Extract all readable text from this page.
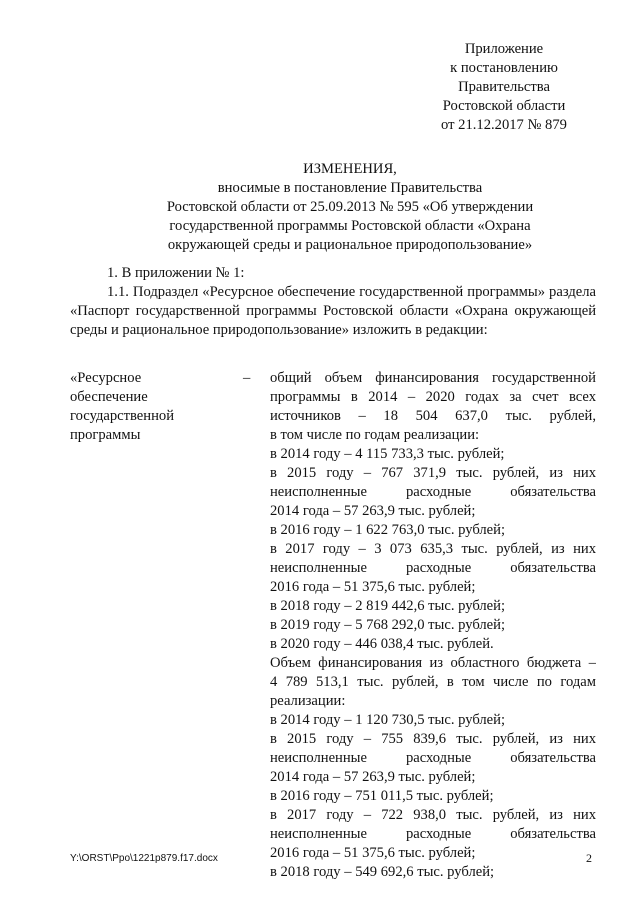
Приложение
к постановлению
Правительства
Ростовской области
от 21.12.2017 № 879
ИЗМЕНЕНИЯ,
вносимые в постановление Правительства
Ростовской области от 25.09.2013 № 595 «Об утверждении
государственной программы Ростовской области «Охрана
окружающей среды и рациональное природопользование»
1. В приложении № 1:
1.1. Подраздел «Ресурсное обеспечение государственной программы» раздела «Паспорт государственной программы Ростовской области «Охрана окружающей среды и рациональное природопользование» изложить в редакции:
«Ресурсное
обеспечение
государственной
программы
– общий объем финансирования государственной
программы в 2014 – 2020 годах за счет всех
источников – 18 504 637,0 тыс. рублей,
в том числе по годам реализации:
в 2014 году – 4 115 733,3 тыс. рублей;
в 2015 году – 767 371,9 тыс. рублей, из них
неисполненные расходные обязательства
2014 года – 57 263,9 тыс. рублей;
в 2016 году – 1 622 763,0 тыс. рублей;
в 2017 году – 3 073 635,3 тыс. рублей, из них
неисполненные расходные обязательства
2016 года – 51 375,6 тыс. рублей;
в 2018 году – 2 819 442,6 тыс. рублей;
в 2019 году – 5 768 292,0 тыс. рублей;
в 2020 году – 446 038,4 тыс. рублей.
Объем финансирования из областного бюджета –
4 789 513,1 тыс. рублей, в том числе по годам
реализации:
в 2014 году – 1 120 730,5 тыс. рублей;
в 2015 году – 755 839,6 тыс. рублей, из них
неисполненные расходные обязательства
2014 года – 57 263,9 тыс. рублей;
в 2016 году – 751 011,5 тыс. рублей;
в 2017 году – 722 938,0 тыс. рублей, из них
неисполненные расходные обязательства
2016 года – 51 375,6 тыс. рублей;
в 2018 году – 549 692,6 тыс. рублей;
Y:\ORST\Ppo\1221p879.f17.docx	2
